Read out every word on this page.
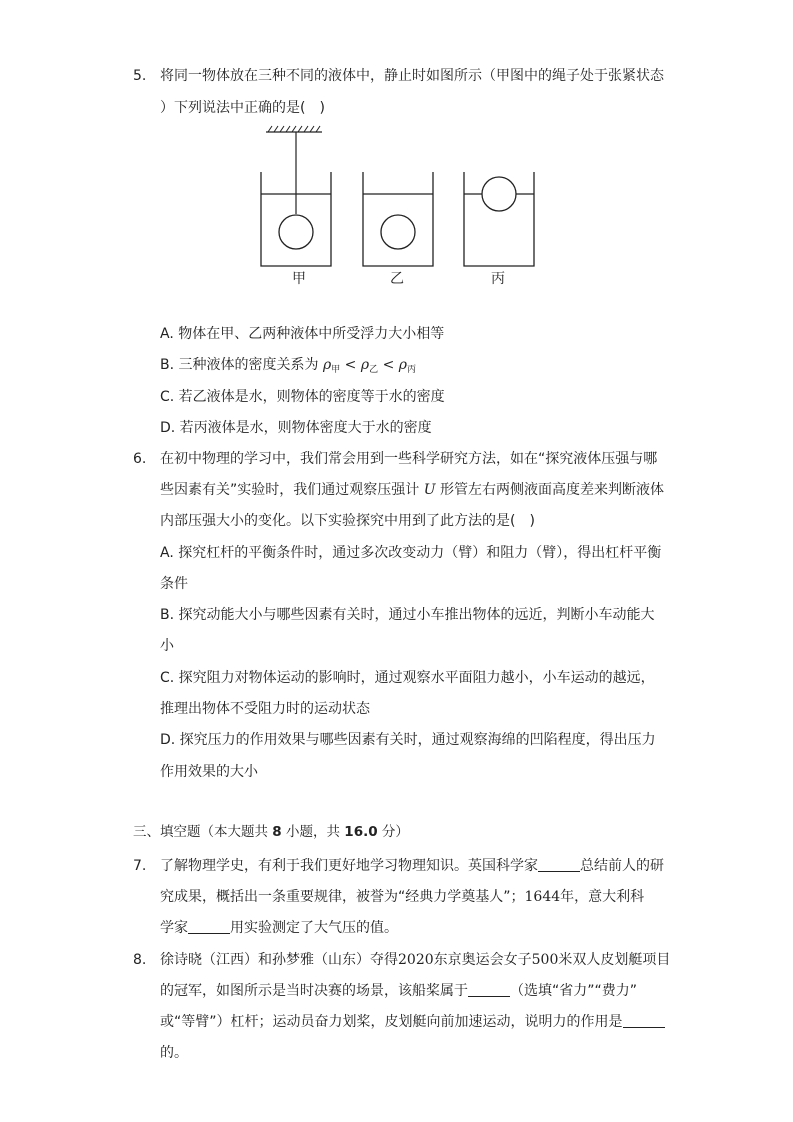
5. 将同一物体放在三种不同的液体中，静止时如图所示（甲图中的绳子处于张紧状态
）下列说法中正确的是(　)
甲	乙	丙
A. 物体在甲、乙两种液体中所受浮力大小相等
B. 三种液体的密度关系为 $\rho_甲 < \rho_乙 < \rho_丙$
C. 若乙液体是水，则物体的密度等于水的密度
D. 若丙液体是水，则物体密度大于水的密度
6. 在初中物理的学习中，我们常会用到一些科学研究方法，如在“探究液体压强与哪
些因素有关”实验时，我们通过观察压强计 U 形管左右两侧液面高度差来判断液体
内部压强大小的变化。以下实验探究中用到了此方法的是(　)
A. 探究杠杆的平衡条件时，通过多次改变动力（臂）和阻力（臂），得出杠杆平衡
条件
B. 探究动能大小与哪些因素有关时，通过小车推出物体的远近，判断小车动能大
小
C. 探究阻力对物体运动的影响时，通过观察水平面阻力越小，小车运动的越远，
推理出物体不受阻力时的运动状态
D. 探究压力的作用效果与哪些因素有关时，通过观察海绵的凹陷程度，得出压力
作用效果的大小
三、填空题（本大题共 8 小题，共 16.0 分）
7. 了解物理学史，有利于我们更好地学习物理知识。英国科学家	总结前人的研
究成果，概括出一条重要规律，被誉为“经典力学奠基人”；1644年，意大利科
学家	用实验测定了大气压的值。
8. 徐诗晓（江西）和孙梦雅（山东）夺得2020东京奥运会女子500米双人皮划艇项目
的冠军，如图所示是当时决赛的场景，该船桨属于	（选填“省力”“费力”
或“等臂”）杠杆；运动员奋力划桨，皮划艇向前加速运动，说明力的作用是
的。
